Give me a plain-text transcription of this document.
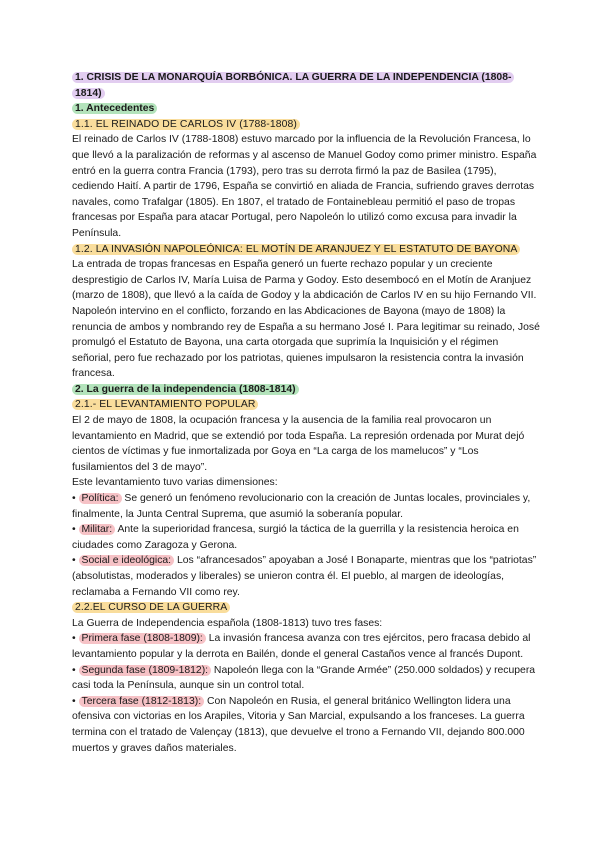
1. CRISIS DE LA MONARQUÍA BORBÓNICA. LA GUERRA DE LA INDEPENDENCIA (1808-1814)

1. Antecedentes

1.1. EL REINADO DE CARLOS IV (1788-1808)

El reinado de Carlos IV (1788-1808) estuvo marcado por la influencia de la Revolución Francesa, lo que llevó a la paralización de reformas y al ascenso de Manuel Godoy como primer ministro. España entró en la guerra contra Francia (1793), pero tras su derrota firmó la paz de Basilea (1795), cediendo Haití. A partir de 1796, España se convirtió en aliada de Francia, sufriendo graves derrotas navales, como Trafalgar (1805). En 1807, el tratado de Fontainebleau permitió el paso de tropas francesas por España para atacar Portugal, pero Napoleón lo utilizó como excusa para invadir la Península.

1.2. LA INVASIÓN NAPOLEÓNICA: EL MOTÍN DE ARANJUEZ Y EL ESTATUTO DE BAYONA

La entrada de tropas francesas en España generó un fuerte rechazo popular y un creciente desprestigio de Carlos IV, María Luisa de Parma y Godoy. Esto desembocó en el Motín de Aranjuez (marzo de 1808), que llevó a la caída de Godoy y la abdicación de Carlos IV en su hijo Fernando VII. Napoleón intervino en el conflicto, forzando en las Abdicaciones de Bayona (mayo de 1808) la renuncia de ambos y nombrando rey de España a su hermano José I. Para legitimar su reinado, José promulgó el Estatuto de Bayona, una carta otorgada que suprimía la Inquisición y el régimen señorial, pero fue rechazado por los patriotas, quienes impulsaron la resistencia contra la invasión francesa.

2. La guerra de la independencia (1808-1814)

2.1.- EL LEVANTAMIENTO POPULAR

El 2 de mayo de 1808, la ocupación francesa y la ausencia de la familia real provocaron un levantamiento en Madrid, que se extendió por toda España. La represión ordenada por Murat dejó cientos de víctimas y fue inmortalizada por Goya en “La carga de los mamelucos” y “Los fusilamientos del 3 de mayo”.

Este levantamiento tuvo varias dimensiones:

• Política: Se generó un fenómeno revolucionario con la creación de Juntas locales, provinciales y, finalmente, la Junta Central Suprema, que asumió la soberanía popular.

• Militar: Ante la superioridad francesa, surgió la táctica de la guerrilla y la resistencia heroica en ciudades como Zaragoza y Gerona.

• Social e ideológica: Los “afrancesados” apoyaban a José I Bonaparte, mientras que los “patriotas” (absolutistas, moderados y liberales) se unieron contra él. El pueblo, al margen de ideologías, reclamaba a Fernando VII como rey.

2.2.EL CURSO DE LA GUERRA

La Guerra de Independencia española (1808-1813) tuvo tres fases:

• Primera fase (1808-1809): La invasión francesa avanza con tres ejércitos, pero fracasa debido al levantamiento popular y la derrota en Bailén, donde el general Castaños vence al francés Dupont.

• Segunda fase (1809-1812): Napoleón llega con la “Grande Armée” (250.000 soldados) y recupera casi toda la Península, aunque sin un control total.

• Tercera fase (1812-1813): Con Napoleón en Rusia, el general británico Wellington lidera una ofensiva con victorias en los Arapiles, Vitoria y San Marcial, expulsando a los franceses. La guerra termina con el tratado de Valençay (1813), que devuelve el trono a Fernando VII, dejando 800.000 muertos y graves daños materiales.
